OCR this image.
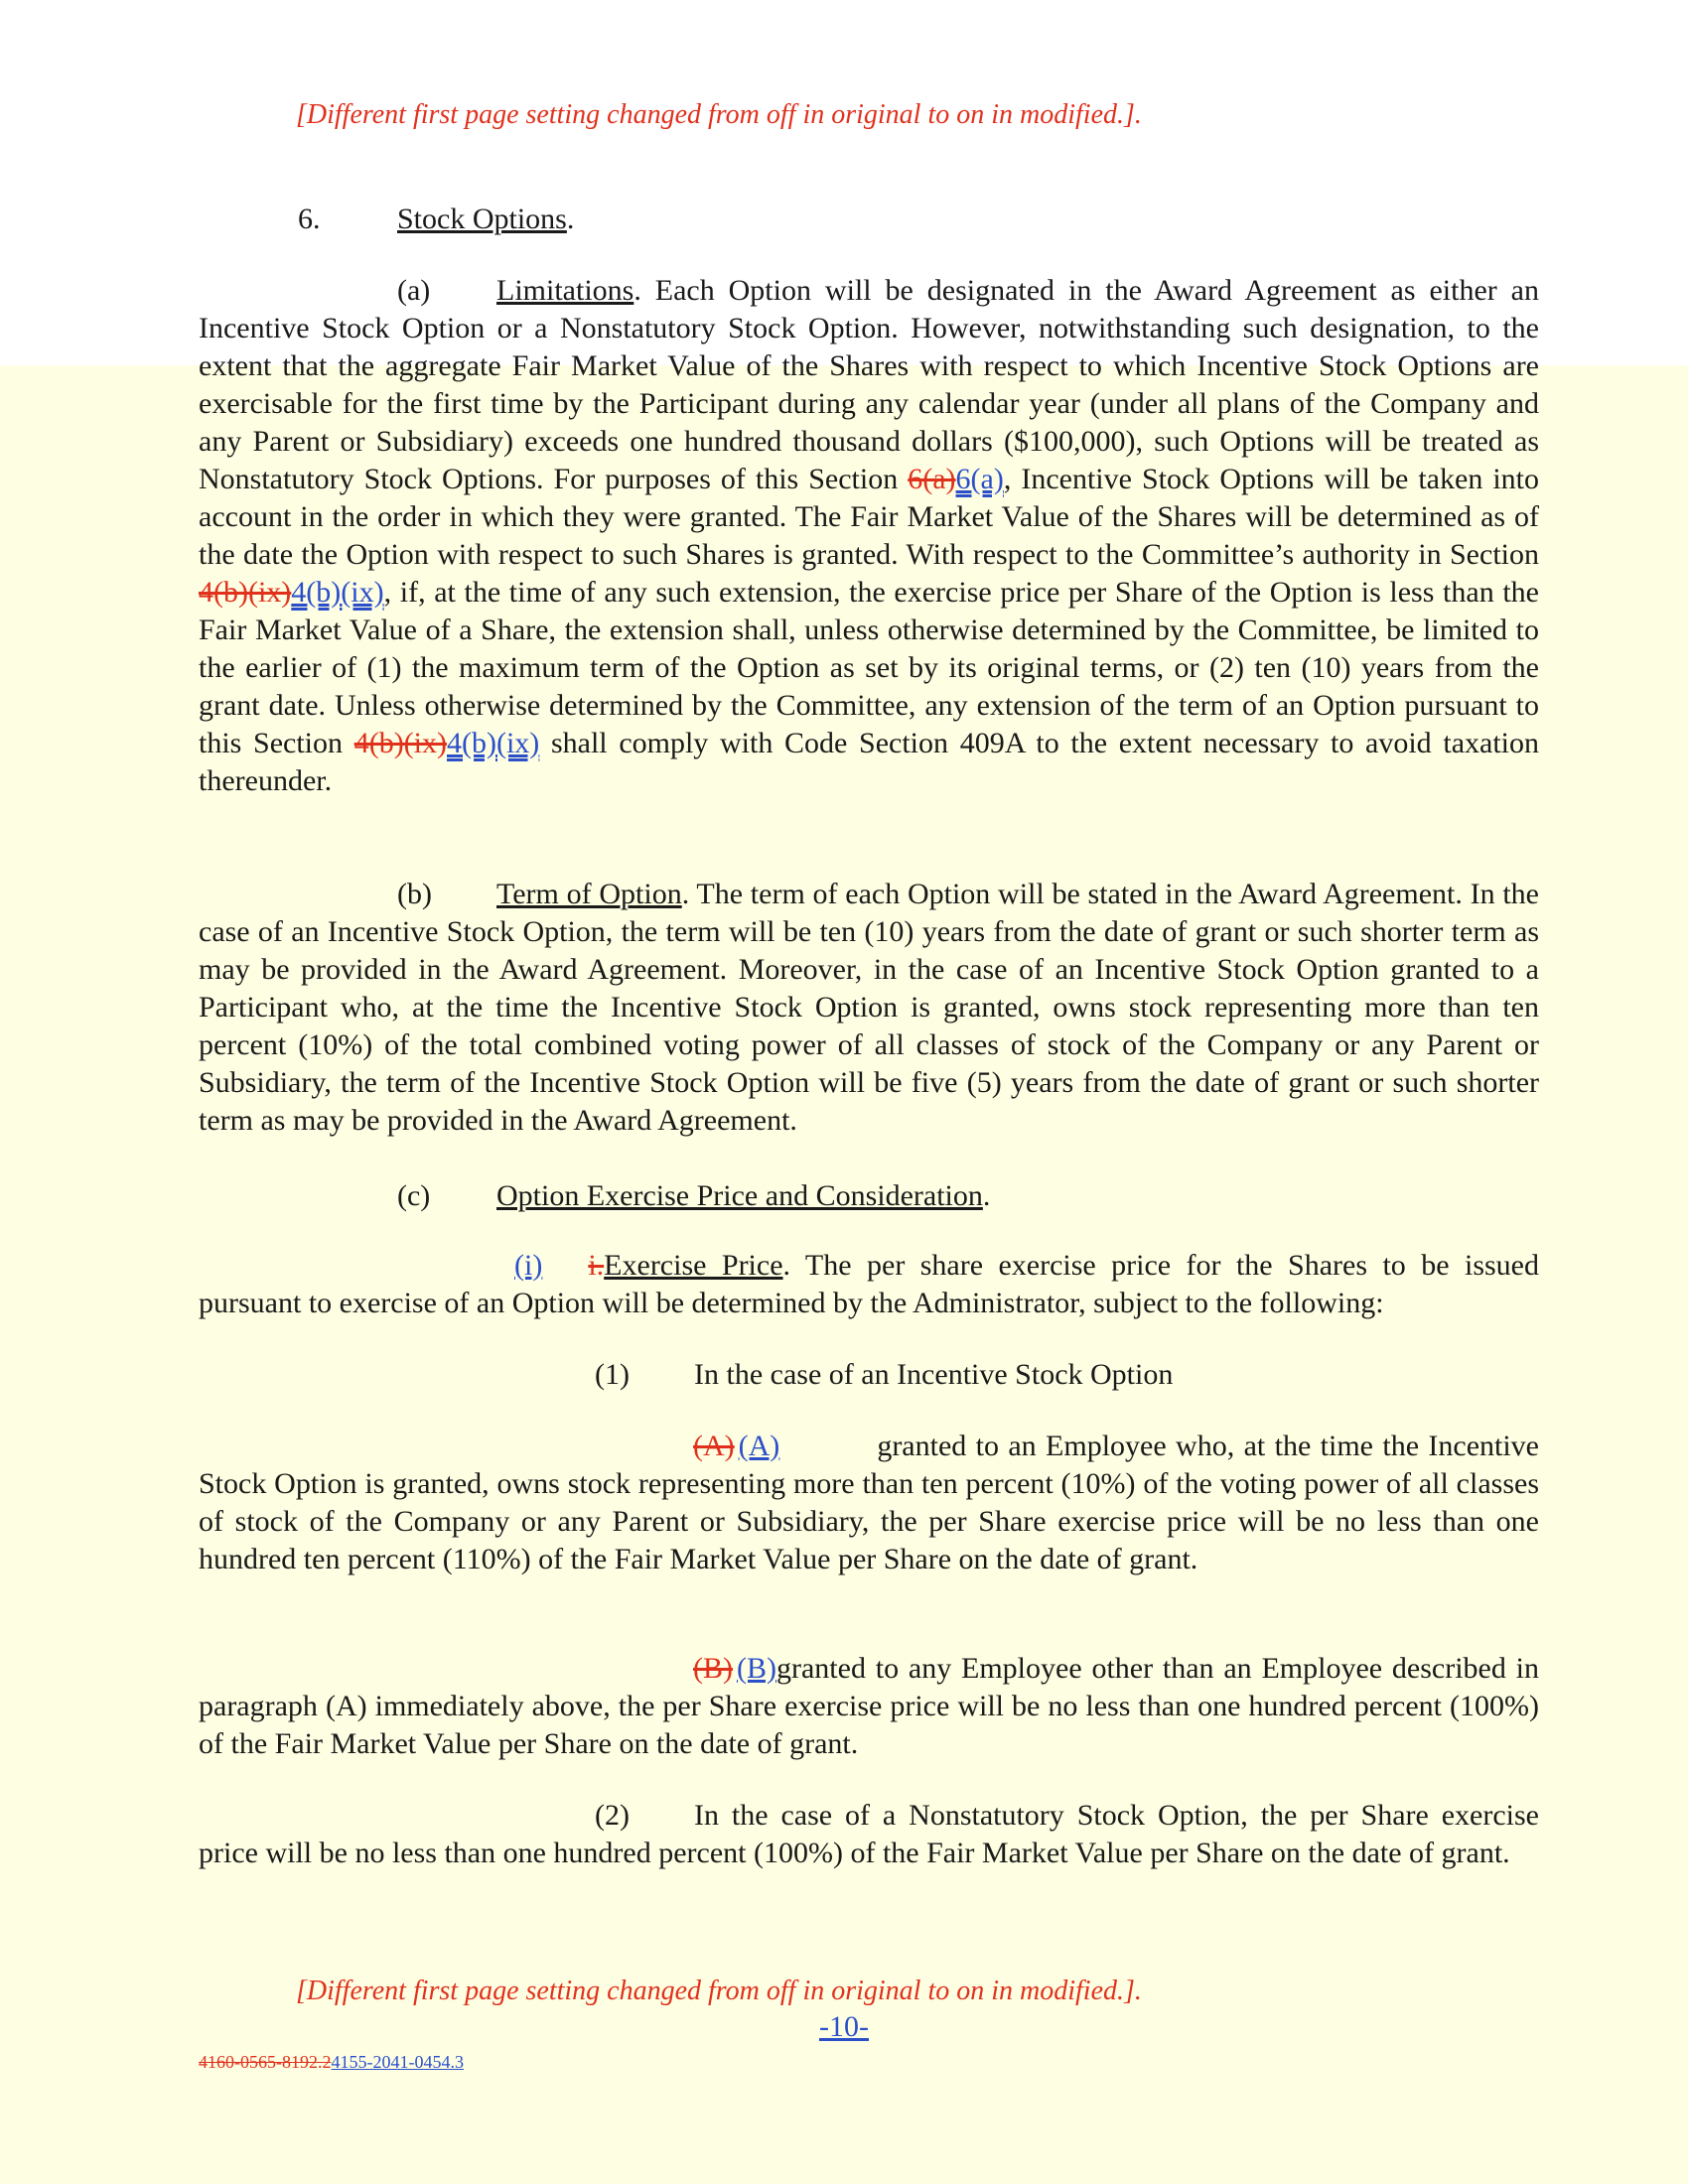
[Different first page setting changed from off in original to on in modified.].
6.	Stock Options.
(a) Limitations. Each Option will be designated in the Award Agreement as either an Incentive Stock Option or a Nonstatutory Stock Option. However, notwithstanding such designation, to the extent that the aggregate Fair Market Value of the Shares with respect to which Incentive Stock Options are exercisable for the first time by the Participant during any calendar year (under all plans of the Company and any Parent or Subsidiary) exceeds one hundred thousand dollars ($100,000), such Options will be treated as Nonstatutory Stock Options. For purposes of this Section 6(a)6(a), Incentive Stock Options will be taken into account in the order in which they were granted. The Fair Market Value of the Shares will be determined as of the date the Option with respect to such Shares is granted. With respect to the Committee’s authority in Section 4(b)(ix)4(b)(ix), if, at the time of any such extension, the exercise price per Share of the Option is less than the Fair Market Value of a Share, the extension shall, unless otherwise determined by the Committee, be limited to the earlier of (1) the maximum term of the Option as set by its original terms, or (2) ten (10) years from the grant date. Unless otherwise determined by the Committee, any extension of the term of an Option pursuant to this Section 4(b)(ix)4(b)(ix) shall comply with Code Section 409A to the extent necessary to avoid taxation thereunder.
(b) Term of Option. The term of each Option will be stated in the Award Agreement. In the case of an Incentive Stock Option, the term will be ten (10) years from the date of grant or such shorter term as may be provided in the Award Agreement. Moreover, in the case of an Incentive Stock Option granted to a Participant who, at the time the Incentive Stock Option is granted, owns stock representing more than ten percent (10%) of the total combined voting power of all classes of stock of the Company or any Parent or Subsidiary, the term of the Incentive Stock Option will be five (5) years from the date of grant or such shorter term as may be provided in the Award Agreement.
(c) Option Exercise Price and Consideration.
(i) i.Exercise Price. The per share exercise price for the Shares to be issued pursuant to exercise of an Option will be determined by the Administrator, subject to the following:
(1) In the case of an Incentive Stock Option
(A) (A)	granted to an Employee who, at the time the Incentive Stock Option is granted, owns stock representing more than ten percent (10%) of the voting power of all classes of stock of the Company or any Parent or Subsidiary, the per Share exercise price will be no less than one hundred ten percent (110%) of the Fair Market Value per Share on the date of grant.
(B) (B)granted to any Employee other than an Employee described in paragraph (A) immediately above, the per Share exercise price will be no less than one hundred percent (100%) of the Fair Market Value per Share on the date of grant.
(2) In the case of a Nonstatutory Stock Option, the per Share exercise price will be no less than one hundred percent (100%) of the Fair Market Value per Share on the date of grant.
[Different first page setting changed from off in original to on in modified.].
-10-
4160-0565-8192.24155-2041-0454.3
